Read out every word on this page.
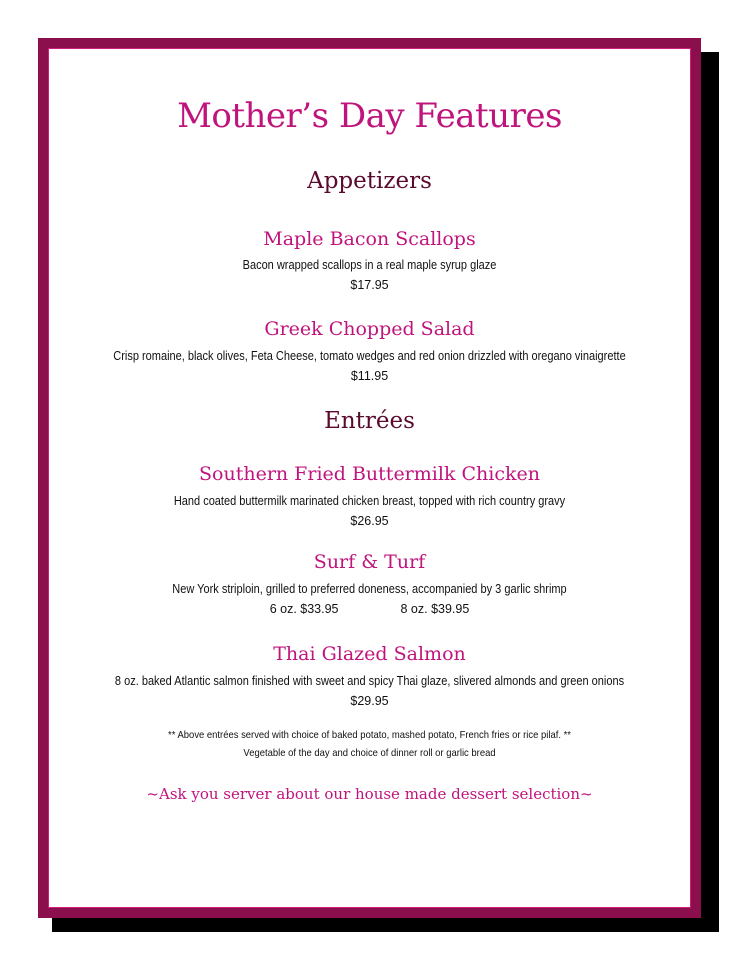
Mother’s Day Features
Appetizers
Maple Bacon Scallops
Bacon wrapped scallops in a real maple syrup glaze
$17.95
Greek Chopped Salad
Crisp romaine, black olives, Feta Cheese, tomato wedges and red onion drizzled with oregano vinaigrette
$11.95
Entrées
Southern Fried Buttermilk Chicken
Hand coated buttermilk marinated chicken breast, topped with rich country gravy
$26.95
Surf & Turf
New York striploin, grilled to preferred doneness, accompanied by 3 garlic shrimp
6 oz. $33.95	8 oz. $39.95
Thai Glazed Salmon
8 oz. baked Atlantic salmon finished with sweet and spicy Thai glaze, slivered almonds and green onions
$29.95
** Above entrées served with choice of baked potato, mashed potato, French fries or rice pilaf. **
Vegetable of the day and choice of dinner roll or garlic bread
~Ask you server about our house made dessert selection~
